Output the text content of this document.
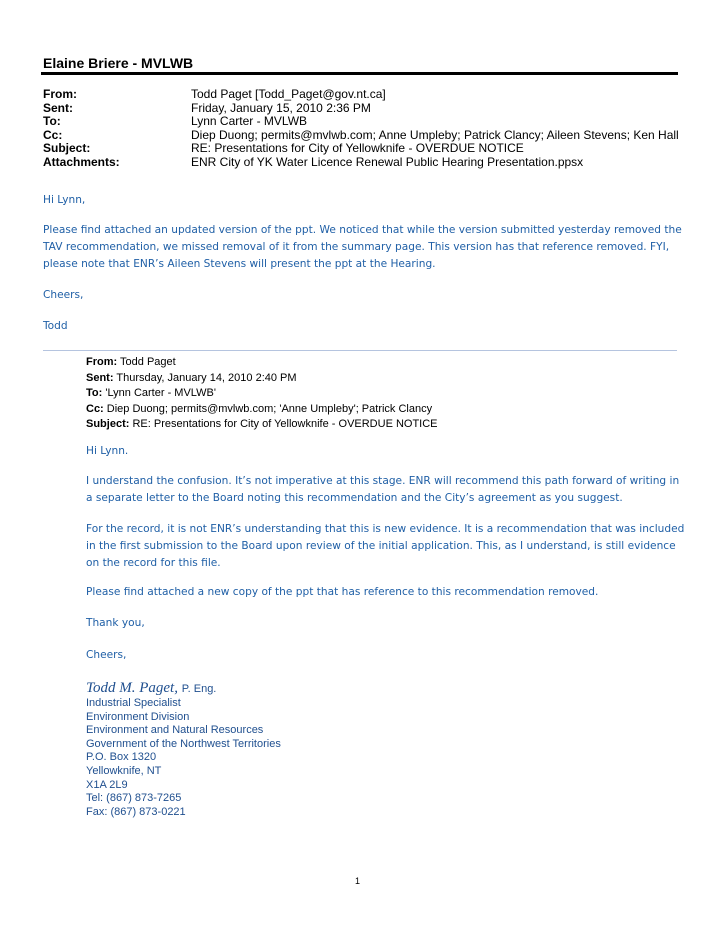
Elaine Briere - MVLWB
From:	Todd Paget [Todd_Paget@gov.nt.ca]
Sent:	Friday, January 15, 2010 2:36 PM
To:	Lynn Carter - MVLWB
Cc:	Diep Duong; permits@mvlwb.com; Anne Umpleby; Patrick Clancy; Aileen Stevens; Ken Hall
Subject:	RE: Presentations for City of Yellowknife - OVERDUE NOTICE
Attachments:	ENR City of YK Water Licence Renewal Public Hearing Presentation.ppsx

Hi Lynn,

Please find attached an updated version of the ppt. We noticed that while the version submitted yesterday removed the TAV recommendation, we missed removal of it from the summary page. This version has that reference removed. FYI, please note that ENR’s Aileen Stevens will present the ppt at the Hearing.

Cheers,

Todd

From: Todd Paget
Sent: Thursday, January 14, 2010 2:40 PM
To: 'Lynn Carter - MVLWB'
Cc: Diep Duong; permits@mvlwb.com; 'Anne Umpleby'; Patrick Clancy
Subject: RE: Presentations for City of Yellowknife - OVERDUE NOTICE

Hi Lynn.

I understand the confusion. It’s not imperative at this stage. ENR will recommend this path forward of writing in a separate letter to the Board noting this recommendation and the City’s agreement as you suggest.

For the record, it is not ENR’s understanding that this is new evidence. It is a recommendation that was included in the first submission to the Board upon review of the initial application. This, as I understand, is still evidence on the record for this file.

Please find attached a new copy of the ppt that has reference to this recommendation removed.

Thank you,

Cheers,

Todd M. Paget, P. Eng.
Industrial Specialist
Environment Division
Environment and Natural Resources
Government of the Northwest Territories
P.O. Box 1320
Yellowknife, NT
X1A 2L9
Tel: (867) 873-7265
Fax: (867) 873-0221
1
